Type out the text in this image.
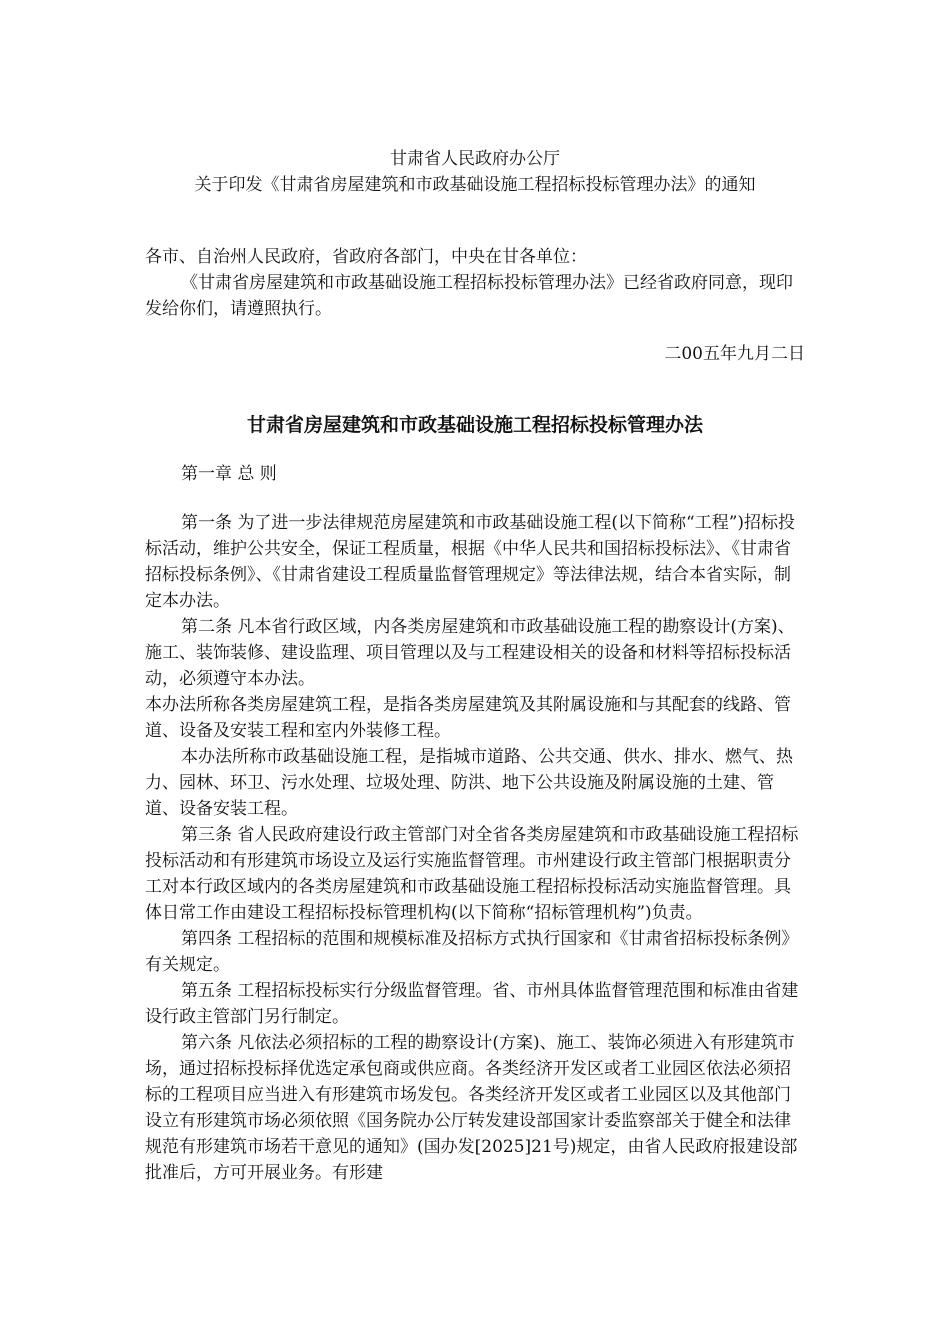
甘肃省人民政府办公厅

关于印发《甘肃省房屋建筑和市政基础设施工程招标投标管理办法》的通知

各市、自治州人民政府，省政府各部门，中央在甘各单位：

《甘肃省房屋建筑和市政基础设施工程招标投标管理办法》已经省政府同意，现印发给你们，请遵照执行。

二00五年九月二日
甘肃省房屋建筑和市政基础设施工程招标投标管理办法
第一章 总 则

第一条 为了进一步法律规范房屋建筑和市政基础设施工程(以下简称“工程”)招标投标活动，维护公共安全，保证工程质量，根据《中华人民共和国招标投标法》、《甘肃省招标投标条例》、《甘肃省建设工程质量监督管理规定》等法律法规，结合本省实际，制定本办法。

第二条 凡本省行政区域，内各类房屋建筑和市政基础设施工程的勘察设计(方案)、施工、装饰装修、建设监理、项目管理以及与工程建设相关的设备和材料等招标投标活动，必须遵守本办法。

本办法所称各类房屋建筑工程，是指各类房屋建筑及其附属设施和与其配套的线路、管道、设备及安装工程和室内外装修工程。

本办法所称市政基础设施工程，是指城市道路、公共交通、供水、排水、燃气、热力、园林、环卫、污水处理、垃圾处理、防洪、地下公共设施及附属设施的土建、管道、设备安装工程。

第三条 省人民政府建设行政主管部门对全省各类房屋建筑和市政基础设施工程招标投标活动和有形建筑市场设立及运行实施监督管理。市州建设行政主管部门根据职责分工对本行政区域内的各类房屋建筑和市政基础设施工程招标投标活动实施监督管理。具体日常工作由建设工程招标投标管理机构(以下简称“招标管理机构”)负责。

第四条 工程招标的范围和规模标准及招标方式执行国家和《甘肃省招标投标条例》有关规定。

第五条 工程招标投标实行分级监督管理。省、市州具体监督管理范围和标准由省建设行政主管部门另行制定。

第六条 凡依法必须招标的工程的勘察设计(方案)、施工、装饰必须进入有形建筑市场，通过招标投标择优选定承包商或供应商。各类经济开发区或者工业园区依法必须招标的工程项目应当进入有形建筑市场发包。各类经济开发区或者工业园区以及其他部门设立有形建筑市场必须依照《国务院办公厅转发建设部国家计委监察部关于健全和法律规范有形建筑市场若干意见的通知》(国办发[2025]21号)规定，由省人民政府报建设部批准后，方可开展业务。有形建
